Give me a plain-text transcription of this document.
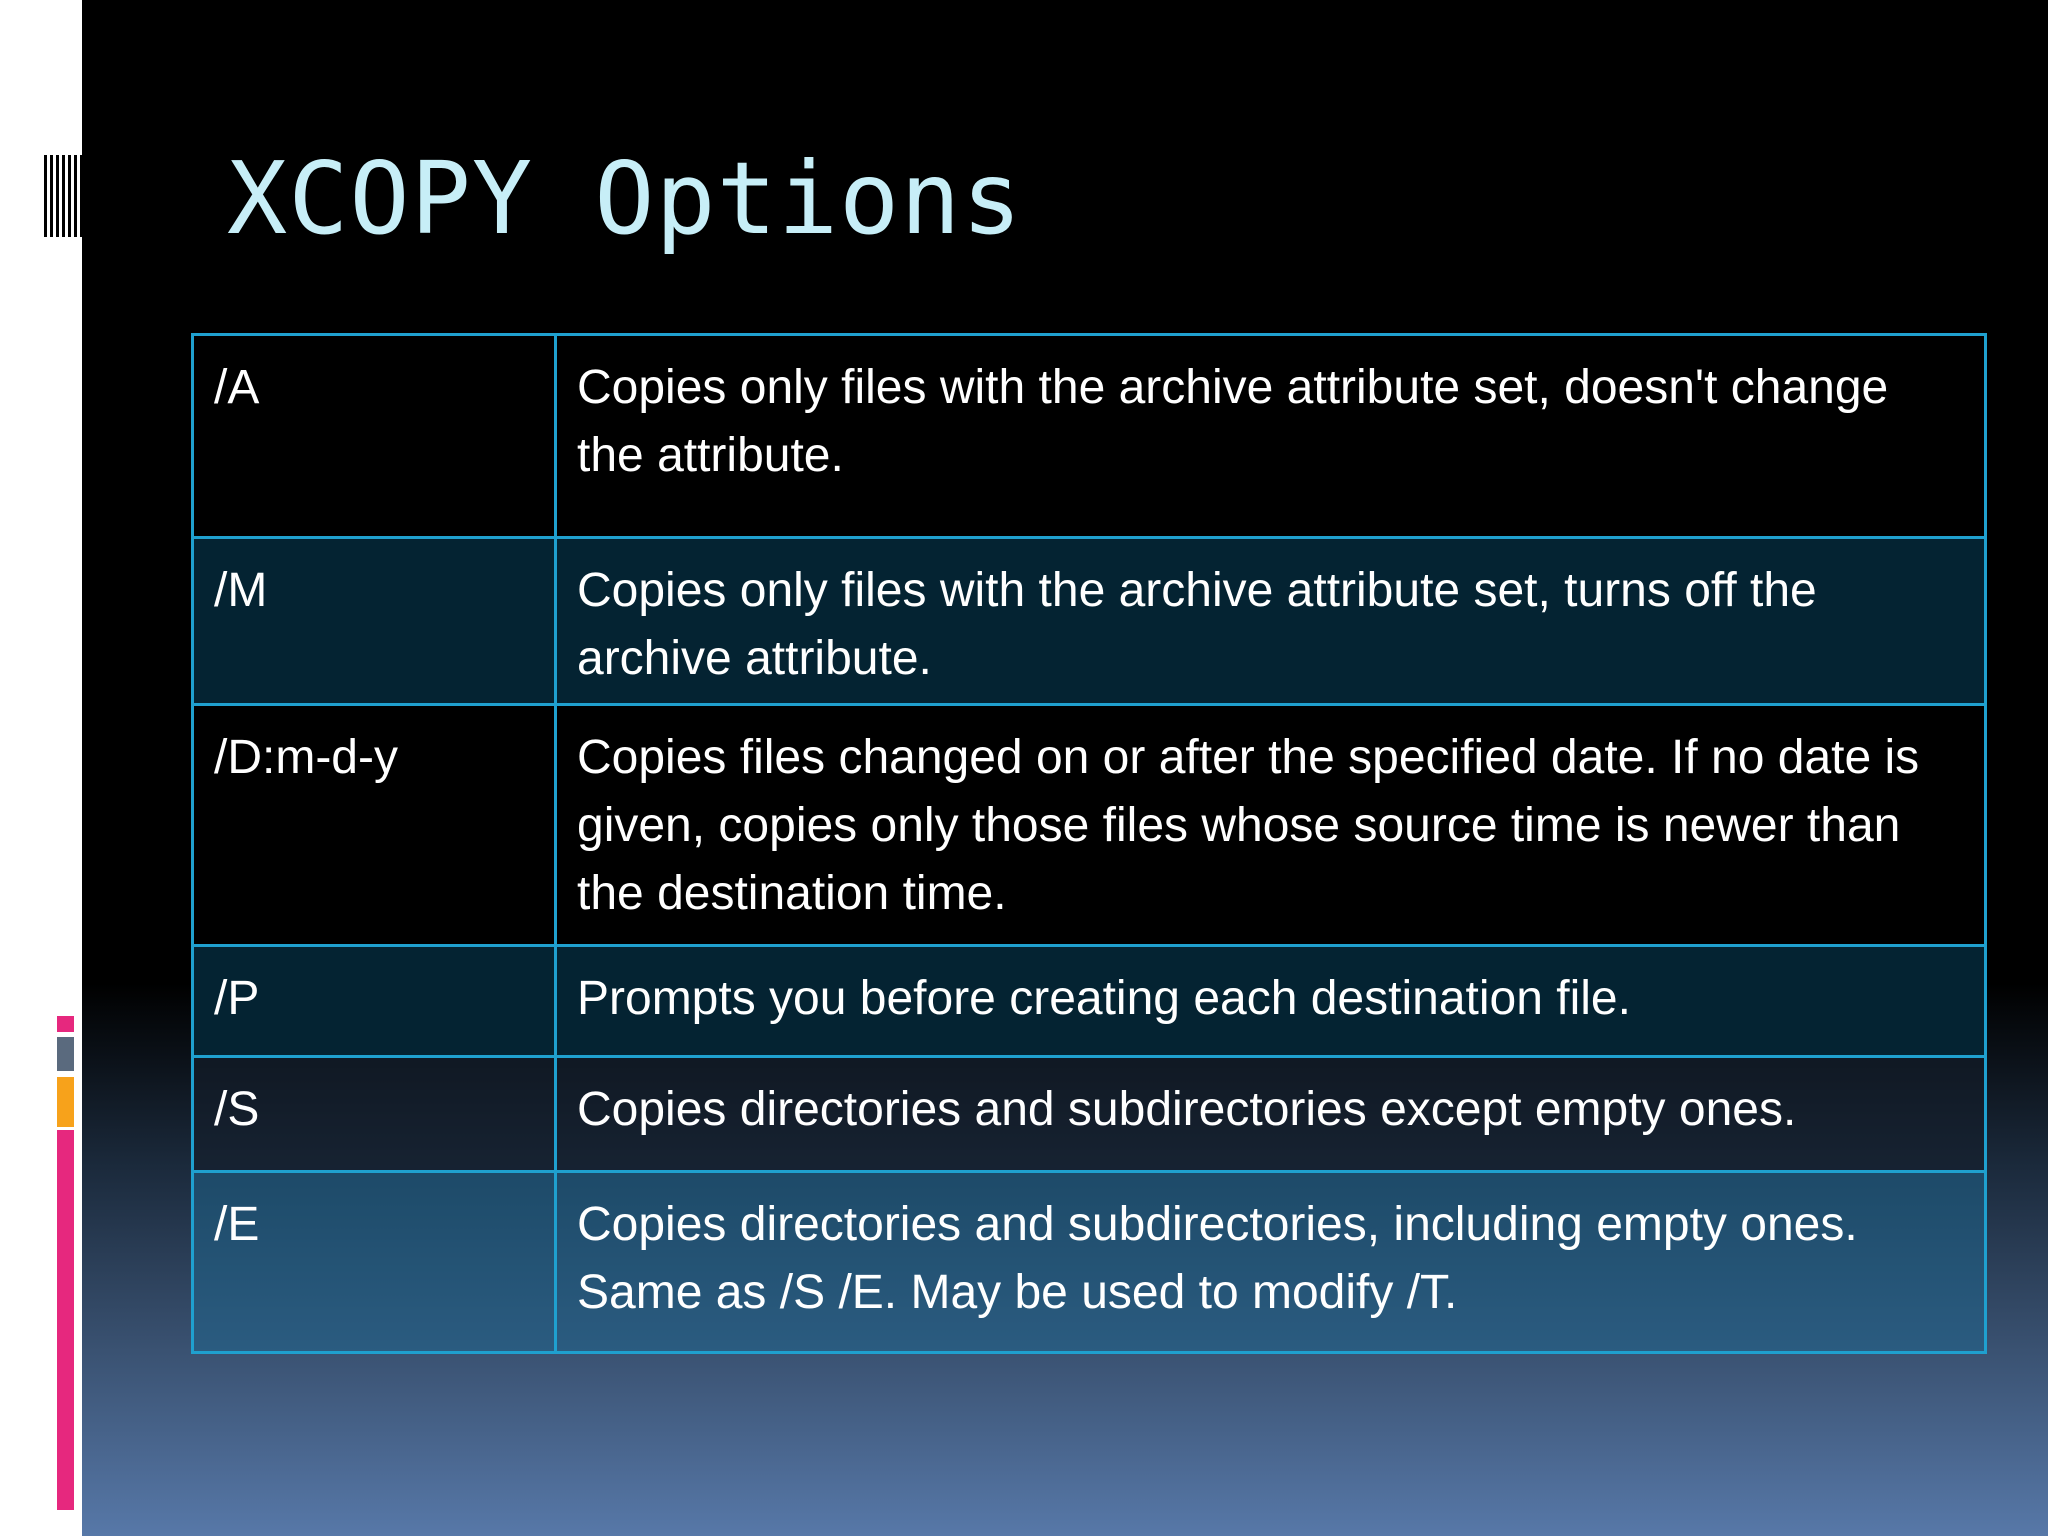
XCOPY Options
/A	Copies only files with the archive attribute set, doesn't change the attribute.
/M	Copies only files with the archive attribute set, turns off the archive attribute.
/D:m-d-y	Copies files changed on or after the specified date. If no date is given, copies only those files whose source time is newer than the destination time.
/P	Prompts you before creating each destination file.
/S	Copies directories and subdirectories except empty ones.
/E	Copies directories and subdirectories, including empty ones. Same as /S /E. May be used to modify /T.
